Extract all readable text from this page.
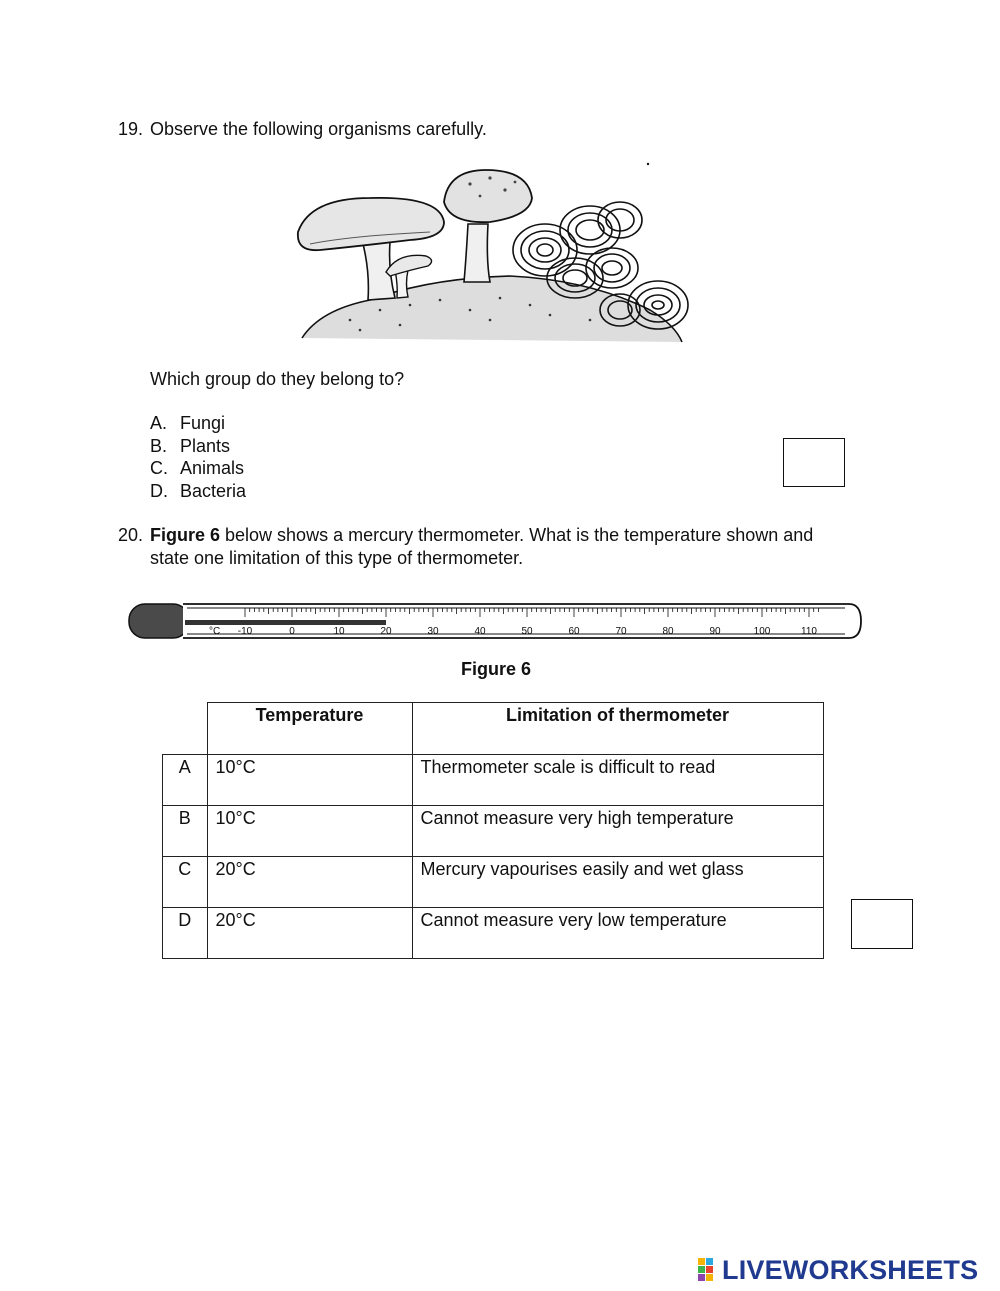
19. Observe the following organisms carefully.
Which group do they belong to?
A. Fungi
B. Plants
C. Animals
D. Bacteria
20. Figure 6 below shows a mercury thermometer. What is the temperature shown and
state one limitation of this type of thermometer.
-10	0	10	20	30	40	50	60	70	80	90	100	110
°C
Figure 6
	Temperature	Limitation of thermometer
A	10°C	Thermometer scale is difficult to read

B	10°C	Cannot measure very high temperature

C	20°C	Mercury vapourises easily and wet glass

D	20°C	Cannot measure very low temperature
LIVEWORKSHEETS
